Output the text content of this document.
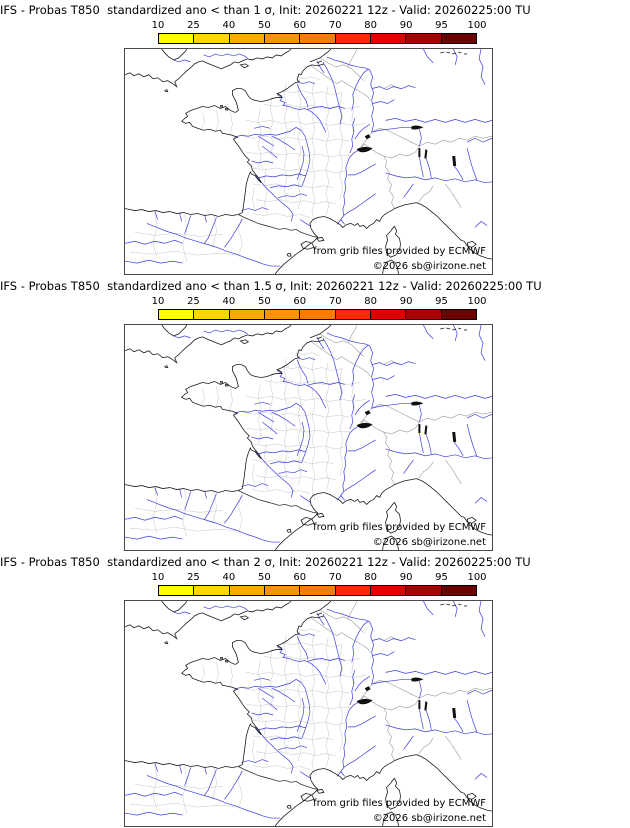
IFS - Probas T850  standardized ano < than 1 σ, Init: 20260221 12z - Valid: 20260225:00 TU
10 25 40 50 60 70 80 90 95 100
from grib files provided by ECMWF
©2026 sb@irizone.net
IFS - Probas T850  standardized ano < than 1.5 σ, Init: 20260221 12z - Valid: 20260225:00 TU
10 25 40 50 60 70 80 90 95 100
from grib files provided by ECMWF
©2026 sb@irizone.net
IFS - Probas T850  standardized ano < than 2 σ, Init: 20260221 12z - Valid: 20260225:00 TU
10 25 40 50 60 70 80 90 95 100
from grib files provided by ECMWF
©2026 sb@irizone.net
